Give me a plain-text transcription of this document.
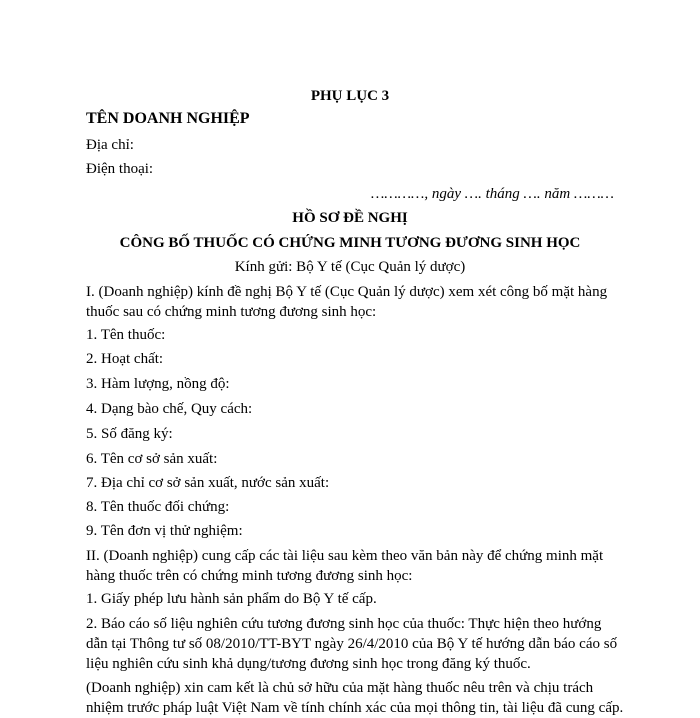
PHỤ LỤC 3
TÊN DOANH NGHIỆP
Địa chỉ:
Điện thoại:
…………, ngày …. tháng …. năm ………
HỒ SƠ ĐỀ NGHỊ
CÔNG BỐ THUỐC CÓ CHỨNG MINH TƯƠNG ĐƯƠNG SINH HỌC
Kính gửi: Bộ Y tế (Cục Quản lý dược)
I. (Doanh nghiệp) kính đề nghị Bộ Y tế (Cục Quản lý dược) xem xét công bố mặt hàng thuốc sau có chứng minh tương đương sinh học:
1. Tên thuốc:
2. Hoạt chất:
3. Hàm lượng, nồng độ:
4. Dạng bào chế, Quy cách:
5. Số đăng ký:
6. Tên cơ sở sản xuất:
7. Địa chỉ cơ sở sản xuất, nước sản xuất:
8. Tên thuốc đối chứng:
9. Tên đơn vị thử nghiệm:
II. (Doanh nghiệp) cung cấp các tài liệu sau kèm theo văn bản này để chứng minh mặt hàng thuốc trên có chứng minh tương đương sinh học:
1. Giấy phép lưu hành sản phẩm do Bộ Y tế cấp.
2. Báo cáo số liệu nghiên cứu tương đương sinh học của thuốc: Thực hiện theo hướng dẫn tại Thông tư số 08/2010/TT-BYT ngày 26/4/2010 của Bộ Y tế hướng dẫn báo cáo số liệu nghiên cứu sinh khả dụng/tương đương sinh học trong đăng ký thuốc.
(Doanh nghiệp) xin cam kết là chủ sở hữu của mặt hàng thuốc nêu trên và chịu trách nhiệm trước pháp luật Việt Nam về tính chính xác của mọi thông tin, tài liệu đã cung cấp.
